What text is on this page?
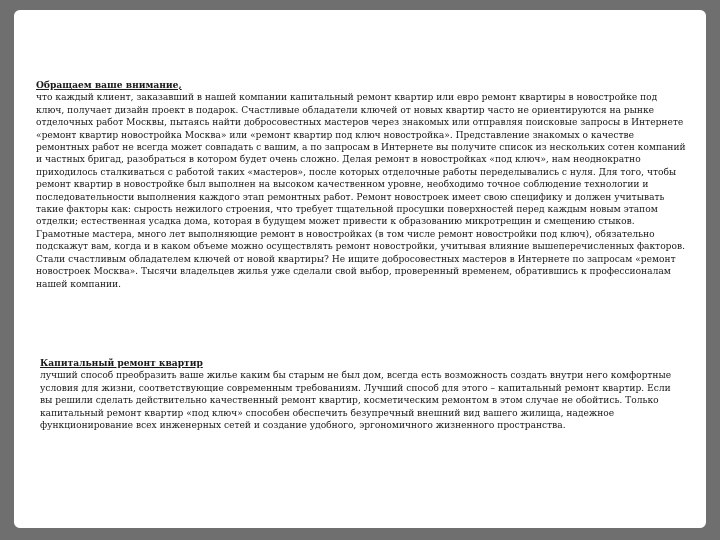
Обращаем ваше внимание,
что каждый клиент, заказавший в нашей компании капитальный ремонт квартир или евро ремонт квартиры в новостройке под ключ, получает дизайн проект в подарок. Счастливые обладатели ключей от новых квартир часто не ориентируются на рынке отделочных работ Москвы, пытаясь найти добросовестных мастеров через знакомых или отправляя поисковые запросы в Интернете «ремонт квартир новостройка Москва» или «ремонт квартир под ключ новостройка». Представление знакомых о качестве ремонтных работ не всегда может совпадать с вашим, а по запросам в Интернете вы получите список из нескольких сотен компаний и частных бригад, разобраться в котором будет очень сложно. Делая ремонт в новостройках «под ключ», нам неоднократно приходилось сталкиваться с работой таких «мастеров», после которых отделочные работы переделывались с нуля. Для того, чтобы ремонт квартир в новостройке был выполнен на высоком качественном уровне, необходимо точное соблюдение технологии и последовательности выполнения каждого этап ремонтных работ. Ремонт новостроек имеет свою специфику и должен учитывать такие факторы как: сырость нежилого строения, что требует тщательной просушки поверхностей перед каждым новым этапом отделки; естественная усадка дома, которая в будущем может привести к образованию микротрещин и смещению стыков. Грамотные мастера, много лет выполняющие ремонт в новостройках (в том числе ремонт новостройки под ключ), обязательно подскажут вам, когда и в каком объеме можно осуществлять ремонт новостройки, учитывая влияние вышеперечисленных факторов. Стали счастливым обладателем ключей от новой квартиры? Не ищите добросовестных мастеров в Интернете по запросам «ремонт новостроек Москва». Тысячи владельцев жилья уже сделали свой выбор, проверенный временем, обратившись к профессионалам нашей компании.
Капитальный ремонт квартир
лучший способ преобразить ваше жилье каким бы старым не был дом, всегда есть возможность создать внутри него комфортные условия для жизни, соответствующие современным требованиям. Лучший способ для этого – капитальный ремонт квартир. Если вы решили сделать действительно качественный ремонт квартир, косметическим ремонтом в этом случае не обойтись. Только капитальный ремонт квартир «под ключ» способен обеспечить безупречный внешний вид вашего жилища, надежное функционирование всех инженерных сетей и создание удобного, эргономичного жизненного пространства.
